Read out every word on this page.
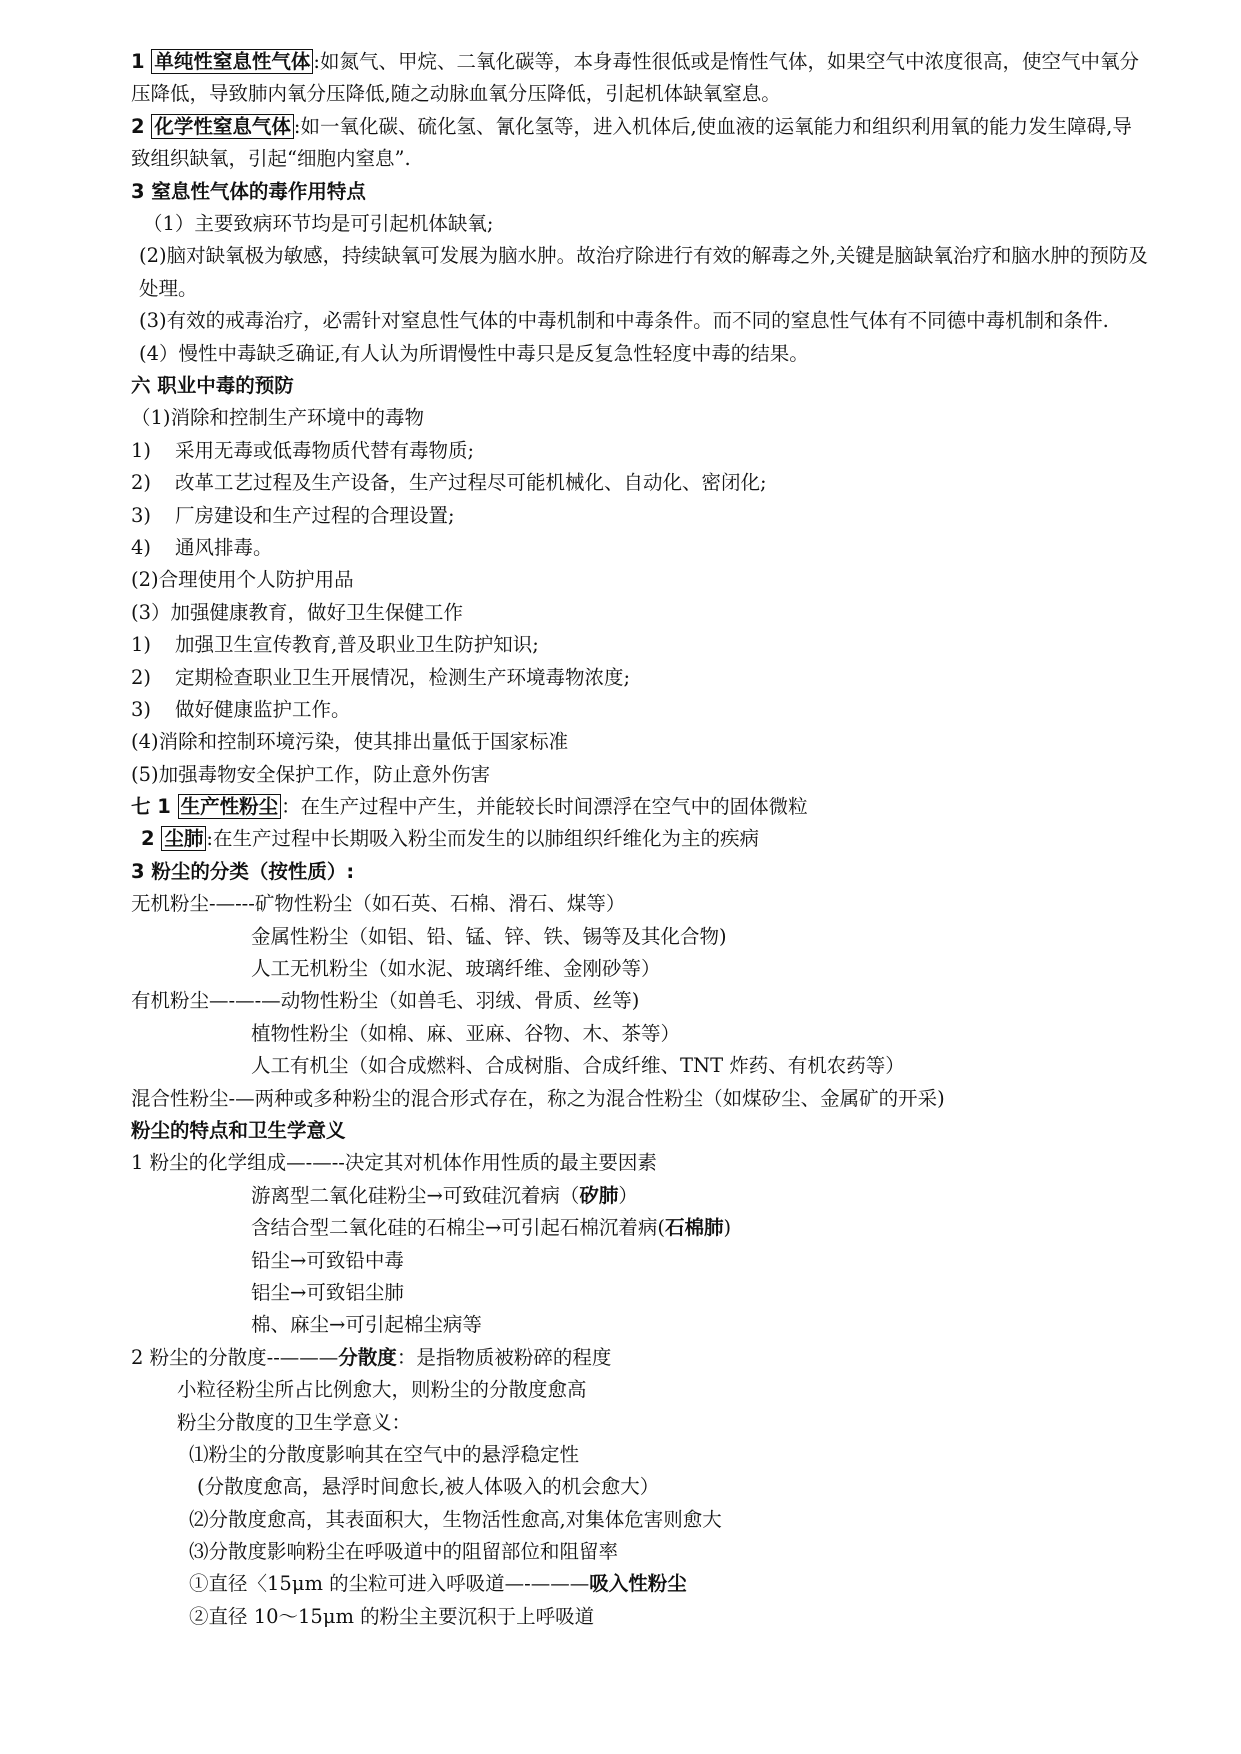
1 单纯性窒息性气体 :如氮气、甲烷、二氧化碳等，本身毒性很低或是惰性气体，如果空气中浓度很高，使空气中氧分压降低，导致肺内氧分压降低,随之动脉血氧分压降低，引起机体缺氧窒息。
2 化学性窒息气体 :如一氧化碳、硫化氢、氰化氢等，进入机体后,使血液的运氧能力和组织利用氧的能力发生障碍,导致组织缺氧，引起“细胞内窒息”.
3 窒息性气体的毒作用特点
（1）主要致病环节均是可引起机体缺氧;
(2)脑对缺氧极为敏感，持续缺氧可发展为脑水肿。故治疗除进行有效的解毒之外,关键是脑缺氧治疗和脑水肿的预防及处理。
(3)有效的戒毒治疗，必需针对窒息性气体的中毒机制和中毒条件。而不同的窒息性气体有不同德中毒机制和条件.
(4）慢性中毒缺乏确证,有人认为所谓慢性中毒只是反复急性轻度中毒的结果。
六 职业中毒的预防
（1)消除和控制生产环境中的毒物
1) 采用无毒或低毒物质代替有毒物质;
2) 改革工艺过程及生产设备，生产过程尽可能机械化、自动化、密闭化;
3) 厂房建设和生产过程的合理设置;
4) 通风排毒。
(2)合理使用个人防护用品
(3）加强健康教育，做好卫生保健工作
1) 加强卫生宣传教育,普及职业卫生防护知识;
2) 定期检查职业卫生开展情况，检测生产环境毒物浓度;
3) 做好健康监护工作。
(4)消除和控制环境污染，使其排出量低于国家标准
(5)加强毒物安全保护工作，防止意外伤害
七 1 生产性粉尘 ：在生产过程中产生，并能较长时间漂浮在空气中的固体微粒
2 尘肺 :在生产过程中长期吸入粉尘而发生的以肺组织纤维化为主的疾病
3 粉尘的分类（按性质）:
无机粉尘-—---矿物性粉尘（如石英、石棉、滑石、煤等）
金属性粉尘（如铝、铅、锰、锌、铁、锡等及其化合物)
人工无机粉尘（如水泥、玻璃纤维、金刚砂等）
有机粉尘—-—-—动物性粉尘（如兽毛、羽绒、骨质、丝等)
植物性粉尘（如棉、麻、亚麻、谷物、木、茶等）
人工有机尘（如合成燃料、合成树脂、合成纤维、TNT 炸药、有机农药等）
混合性粉尘-—两种或多种粉尘的混合形式存在，称之为混合性粉尘（如煤矽尘、金属矿的开采)
粉尘的特点和卫生学意义
1 粉尘的化学组成—-—--决定其对机体作用性质的最主要因素
游离型二氧化硅粉尘→可致硅沉着病（矽肺）
含结合型二氧化硅的石棉尘→可引起石棉沉着病(石棉肺)
铅尘→可致铅中毒
铝尘→可致铝尘肺
棉、麻尘→可引起棉尘病等
2 粉尘的分散度--———分散度：是指物质被粉碎的程度
小粒径粉尘所占比例愈大，则粉尘的分散度愈高
粉尘分散度的卫生学意义：
⑴粉尘的分散度影响其在空气中的悬浮稳定性
(分散度愈高，悬浮时间愈长,被人体吸入的机会愈大）
⑵分散度愈高，其表面积大，生物活性愈高,对集体危害则愈大
⑶分散度影响粉尘在呼吸道中的阻留部位和阻留率
①直径〈15μm 的尘粒可进入呼吸道—-———吸入性粉尘
②直径 10～15μm 的粉尘主要沉积于上呼吸道
